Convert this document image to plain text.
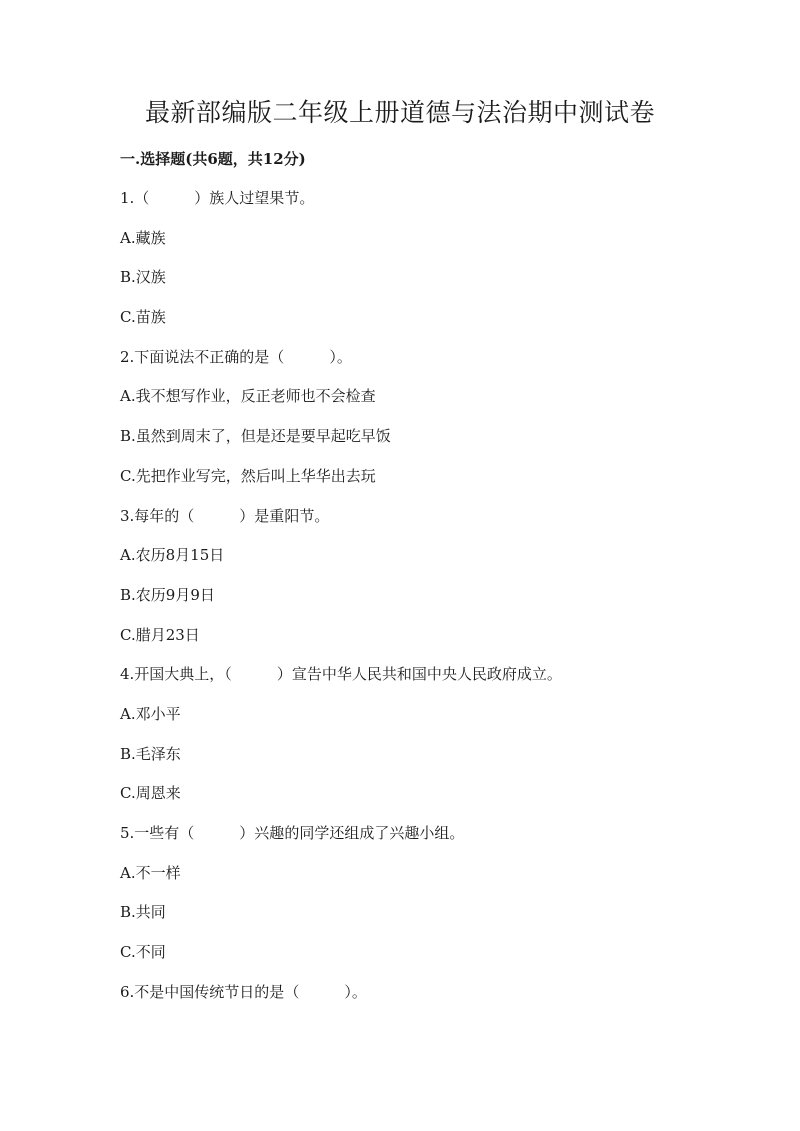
最新部编版二年级上册道德与法治期中测试卷
一.选择题(共6题，共12分)
1.（　　　）族人过望果节。
A.藏族
B.汉族
C.苗族
2.下面说法不正确的是（　　　）。
A.我不想写作业，反正老师也不会检查
B.虽然到周末了，但是还是要早起吃早饭
C.先把作业写完，然后叫上华华出去玩
3.每年的（　　　）是重阳节。
A.农历8月15日
B.农历9月9日
C.腊月23日
4.开国大典上，（　　　）宣告中华人民共和国中央人民政府成立。
A.邓小平
B.毛泽东
C.周恩来
5.一些有（　　　）兴趣的同学还组成了兴趣小组。
A.不一样
B.共同
C.不同
6.不是中国传统节日的是（　　　）。
